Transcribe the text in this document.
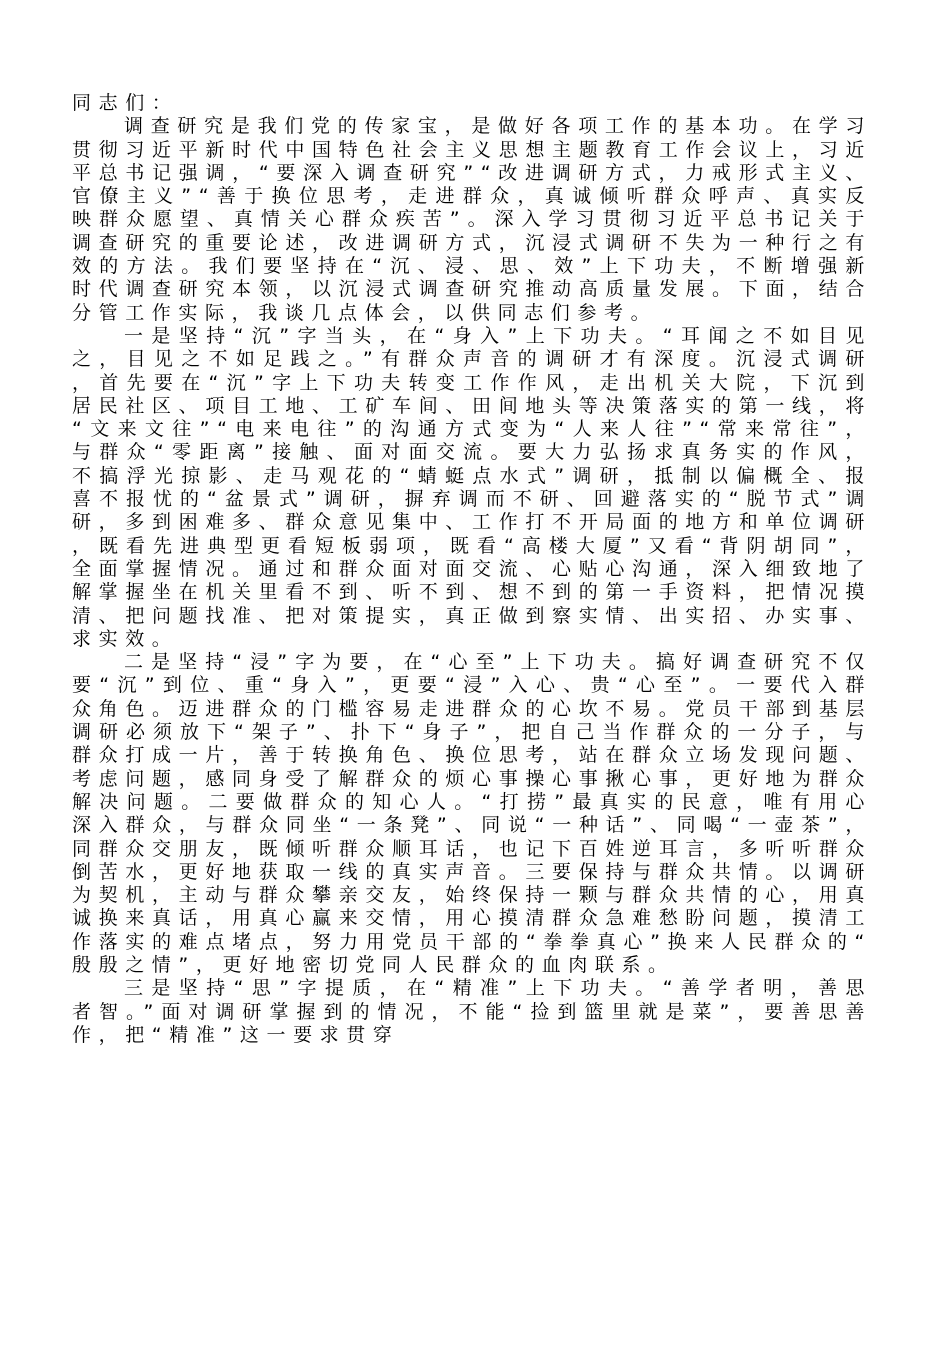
同志们：

调查研究是我们党的传家宝，是做好各项工作的基本功。在学习贯彻习近平新时代中国特色社会主义思想主题教育工作会议上，习近平总书记强调，“要深入调查研究”“改进调研方式，力戒形式主义、官僚主义”“善于换位思考，走进群众，真诚倾听群众呼声、真实反映群众愿望、真情关心群众疾苦”。深入学习贯彻习近平总书记关于调查研究的重要论述，改进调研方式，沉浸式调研不失为一种行之有效的方法。我们要坚持在“沉、浸、思、效”上下功夫，不断增强新时代调查研究本领，以沉浸式调查研究推动高质量发展。下面，结合分管工作实际，我谈几点体会，以供同志们参考。

一是坚持“沉”字当头，在“身入”上下功夫。“耳闻之不如目见之，目见之不如足践之。”有群众声音的调研才有深度。沉浸式调研，首先要在“沉”字上下功夫转变工作作风，走出机关大院，下沉到居民社区、项目工地、工矿车间、田间地头等决策落实的第一线，将“文来文往”“电来电往”的沟通方式变为“人来人往”“常来常往”，与群众“零距离”接触、面对面交流。要大力弘扬求真务实的作风，不搞浮光掠影、走马观花的“蜻蜓点水式”调研，抵制以偏概全、报喜不报忧的“盆景式”调研，摒弃调而不研、回避落实的“脱节式”调研，多到困难多、群众意见集中、工作打不开局面的地方和单位调研，既看先进典型更看短板弱项，既看“高楼大厦”又看“背阴胡同”，全面掌握情况。通过和群众面对面交流、心贴心沟通，深入细致地了解掌握坐在机关里看不到、听不到、想不到的第一手资料，把情况摸清、把问题找准、把对策提实，真正做到察实情、出实招、办实事、求实效。

二是坚持“浸”字为要，在“心至”上下功夫。搞好调查研究不仅要“沉”到位、重“身入”，更要“浸”入心、贵“心至”。一要代入群众角色。迈进群众的门槛容易走进群众的心坎不易。党员干部到基层调研必须放下“架子”、扑下“身子”，把自己当作群众的一分子，与群众打成一片，善于转换角色、换位思考，站在群众立场发现问题、考虑问题，感同身受了解群众的烦心事操心事揪心事，更好地为群众解决问题。二要做群众的知心人。“打捞”最真实的民意，唯有用心深入群众，与群众同坐“一条凳”、同说“一种话”、同喝“一壶茶”，同群众交朋友，既倾听群众顺耳话，也记下百姓逆耳言，多听听群众倒苦水，更好地获取一线的真实声音。三要保持与群众共情。以调研为契机，主动与群众攀亲交友，始终保持一颗与群众共情的心，用真诚换来真话，用真心赢来交情，用心摸清群众急难愁盼问题，摸清工作落实的难点堵点，努力用党员干部的“拳拳真心”换来人民群众的“殷殷之情”，更好地密切党同人民群众的血肉联系。

三是坚持“思”字提质，在“精准”上下功夫。“善学者明，善思者智。”面对调研掌握到的情况，不能“捡到篮里就是菜”，要善思善作，把“精准”这一要求贯穿
